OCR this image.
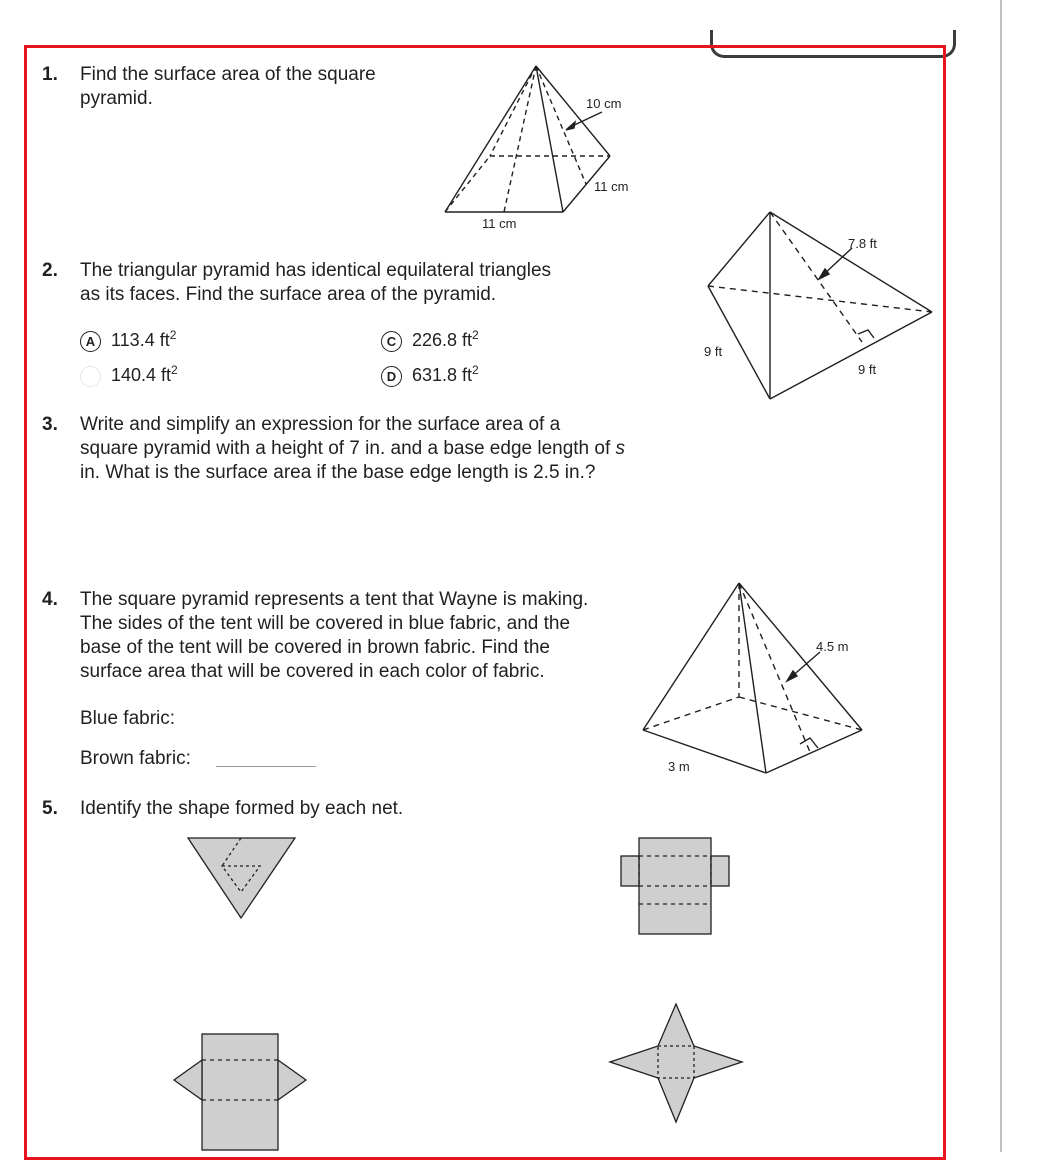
1. Find the surface area of the square
pyramid.	10 cm
11 cm
11 cm
2. The triangular pyramid has identical equilateral triangles
as its faces. Find the surface area of the pyramid.
A 113.4 $ft^2$	C 226.8 $ft^2$
140.4 $ft^2$	D 631.8 $ft^2$
7.8 ft
9 ft
9 ft
3. Write and simplify an expression for the surface area of a
square pyramid with a height of 7 in. and a base edge length of s
in. What is the surface area if the base edge length is 2.5 in.?
4. The square pyramid represents a tent that Wayne is making.
The sides of the tent will be covered in blue fabric, and the
base of the tent will be covered in brown fabric. Find the
surface area that will be covered in each color of fabric.
Blue fabric:
Brown fabric:
4.5 m
3 m
5. Identify the shape formed by each net.
